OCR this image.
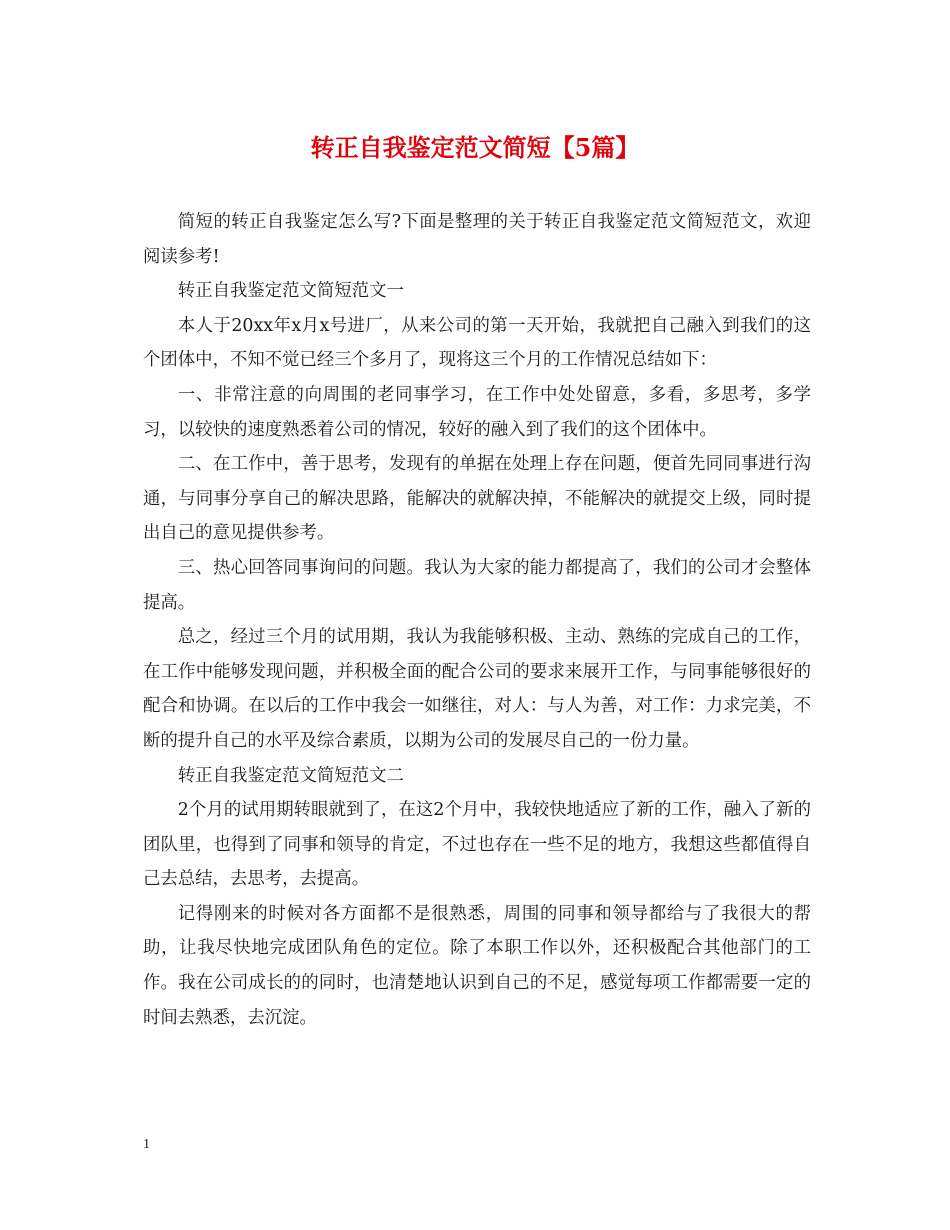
转正自我鉴定范文简短【5篇】

简短的转正自我鉴定怎么写?下面是整理的关于转正自我鉴定范文简短范文，欢迎阅读参考!

转正自我鉴定范文简短范文一

本人于20xx年x月x号进厂，从来公司的第一天开始，我就把自己融入到我们的这个团体中，不知不觉已经三个多月了，现将这三个月的工作情况总结如下：

一、非常注意的向周围的老同事学习，在工作中处处留意，多看，多思考，多学习，以较快的速度熟悉着公司的情况，较好的融入到了我们的这个团体中。

二、在工作中，善于思考，发现有的单据在处理上存在问题，便首先同同事进行沟通，与同事分享自己的解决思路，能解决的就解决掉，不能解决的就提交上级，同时提出自己的意见提供参考。

三、热心回答同事询问的问题。我认为大家的能力都提高了，我们的公司才会整体提高。

总之，经过三个月的试用期，我认为我能够积极、主动、熟练的完成自己的工作，在工作中能够发现问题，并积极全面的配合公司的要求来展开工作，与同事能够很好的配合和协调。在以后的工作中我会一如继往，对人：与人为善，对工作：力求完美，不断的提升自己的水平及综合素质，以期为公司的发展尽自己的一份力量。

转正自我鉴定范文简短范文二

2个月的试用期转眼就到了，在这2个月中，我较快地适应了新的工作，融入了新的团队里，也得到了同事和领导的肯定，不过也存在一些不足的地方，我想这些都值得自己去总结，去思考，去提高。

记得刚来的时候对各方面都不是很熟悉，周围的同事和领导都给与了我很大的帮助，让我尽快地完成团队角色的定位。除了本职工作以外，还积极配合其他部门的工作。我在公司成长的的同时，也清楚地认识到自己的不足，感觉每项工作都需要一定的时间去熟悉，去沉淀。

1
